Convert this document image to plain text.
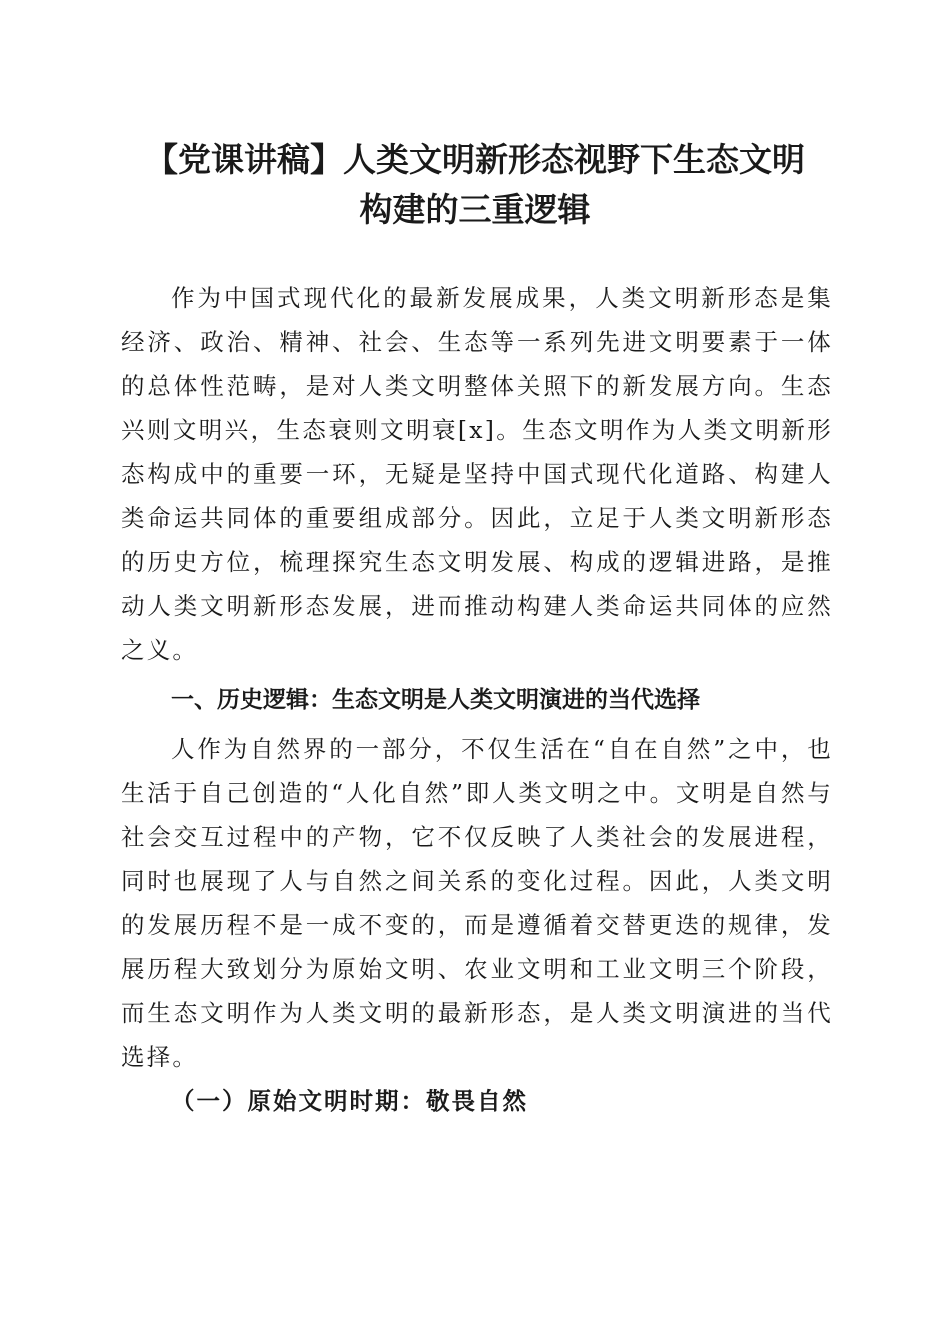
【党课讲稿】人类文明新形态视野下生态文明
构建的三重逻辑

作为中国式现代化的最新发展成果，人类文明新形态是集经济、政治、精神、社会、生态等一系列先进文明要素于一体的总体性范畴，是对人类文明整体关照下的新发展方向。生态兴则文明兴，生态衰则文明衰[x]。生态文明作为人类文明新形态构成中的重要一环，无疑是坚持中国式现代化道路、构建人类命运共同体的重要组成部分。因此，立足于人类文明新形态的历史方位，梳理探究生态文明发展、构成的逻辑进路，是推动人类文明新形态发展，进而推动构建人类命运共同体的应然之义。

一、历史逻辑：生态文明是人类文明演进的当代选择

人作为自然界的一部分，不仅生活在“自在自然”之中，也生活于自己创造的“人化自然”即人类文明之中。文明是自然与社会交互过程中的产物，它不仅反映了人类社会的发展进程，同时也展现了人与自然之间关系的变化过程。因此，人类文明的发展历程不是一成不变的，而是遵循着交替更迭的规律，发展历程大致划分为原始文明、农业文明和工业文明三个阶段，而生态文明作为人类文明的最新形态，是人类文明演进的当代选择。

（一）原始文明时期：敬畏自然
